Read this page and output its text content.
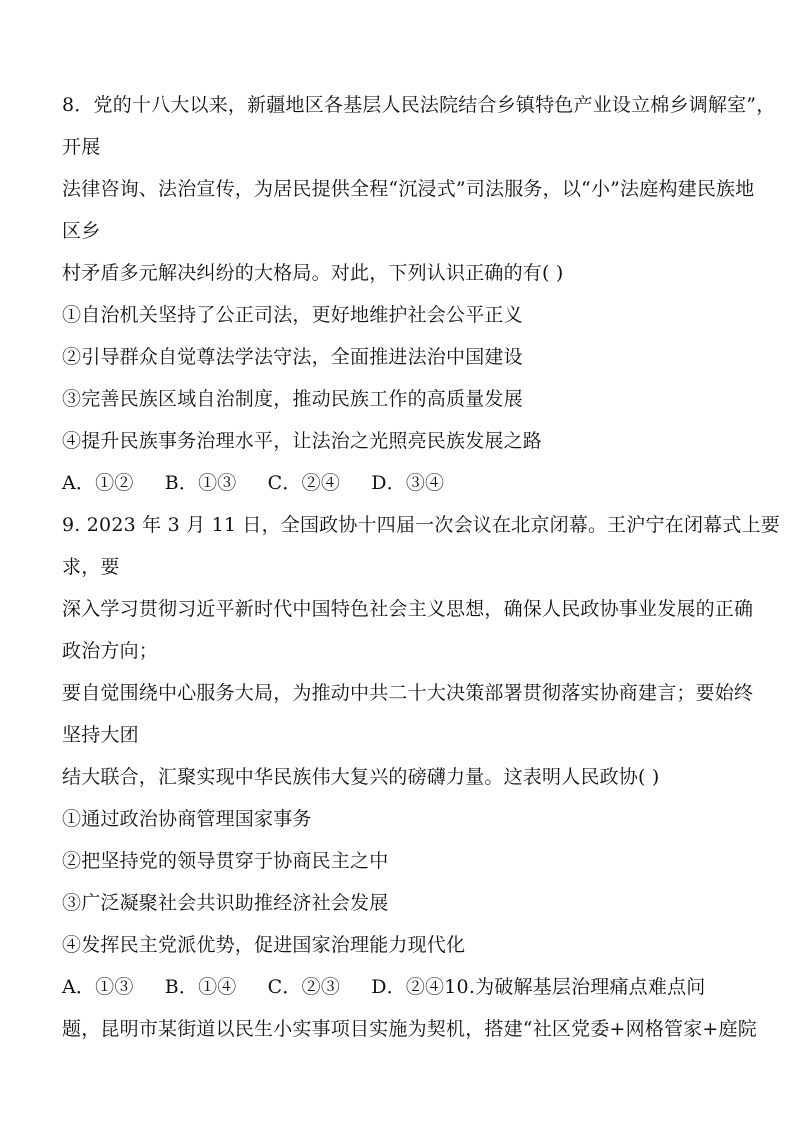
8．党的十八大以来，新疆地区各基层人民法院结合乡镇特色产业设立棉乡调解室”，
开展
法律咨询、法治宣传，为居民提供全程“沉浸式”司法服务，以“小”法庭构建民族地
区乡
村矛盾多元解决纠纷的大格局。对此，下列认识正确的有( )
①自治机关坚持了公正司法，更好地维护社会公平正义
②引导群众自觉尊法学法守法，全面推进法治中国建设
③完善民族区域自治制度，推动民族工作的高质量发展
④提升民族事务治理水平，让法治之光照亮民族发展之路
A．①②     B．①③     C．②④     D．③④
9. 2023 年 3 月 11 日，全国政协十四届一次会议在北京闭幕。王沪宁在闭幕式上要
求，要
深入学习贯彻习近平新时代中国特色社会主义思想，确保人民政协事业发展的正确
政治方向；
要自觉围绕中心服务大局，为推动中共二十大决策部署贯彻落实协商建言；要始终
坚持大团
结大联合，汇聚实现中华民族伟大复兴的磅礴力量。这表明人民政协( )
①通过政治协商管理国家事务
②把坚持党的领导贯穿于协商民主之中
③广泛凝聚社会共识助推经济社会发展
④发挥民主党派优势，促进国家治理能力现代化
A．①③     B．①④     C．②③     D．②④10.为破解基层治理痛点难点问
题，昆明市某街道以民生小实事项目实施为契机，搭建“社区党委+网格管家+庭院
